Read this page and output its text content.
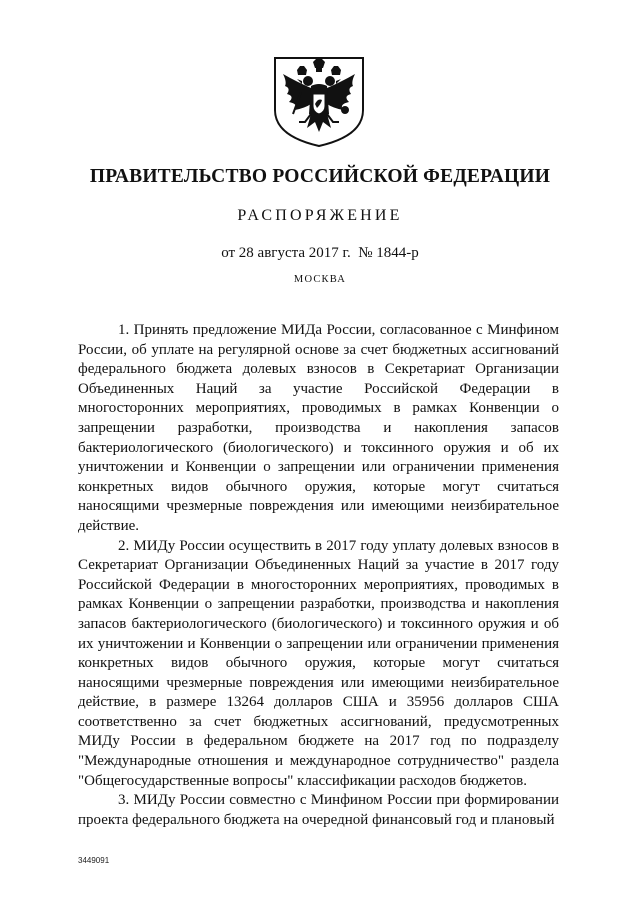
ПРАВИТЕЛЬСТВО РОССИЙСКОЙ ФЕДЕРАЦИИ
РАСПОРЯЖЕНИЕ
от 28 августа 2017 г.  № 1844-р
МОСКВА

1. Принять предложение МИДа России, согласованное с Минфином России, об уплате на регулярной основе за счет бюджетных ассигнований федерального бюджета долевых взносов в Секретариат Организации Объединенных Наций за участие Российской Федерации в многосторонних мероприятиях, проводимых в рамках Конвенции о запрещении разработки, производства и накопления запасов бактериологического (биологического) и токсинного оружия и об их уничтожении и Конвенции о запрещении или ограничении применения конкретных видов обычного оружия, которые могут считаться наносящими чрезмерные повреждения или имеющими неизбирательное действие.

2. МИДу России осуществить в 2017 году уплату долевых взносов в Секретариат Организации Объединенных Наций за участие в 2017 году Российской Федерации в многосторонних мероприятиях, проводимых в рамках Конвенции о запрещении разработки, производства и накопления запасов бактериологического (биологического) и токсинного оружия и об их уничтожении и Конвенции о запрещении или ограничении применения конкретных видов обычного оружия, которые могут считаться наносящими чрезмерные повреждения или имеющими неизбирательное действие, в размере 13264 долларов США и 35956 долларов США соответственно за счет бюджетных ассигнований, предусмотренных МИДу России в федеральном бюджете на 2017 год по подразделу "Международные отношения и международное сотрудничество" раздела "Общегосударственные вопросы" классификации расходов бюджетов.

3. МИДу России совместно с Минфином России при формировании проекта федерального бюджета на очередной финансовый год и плановый

3449091
